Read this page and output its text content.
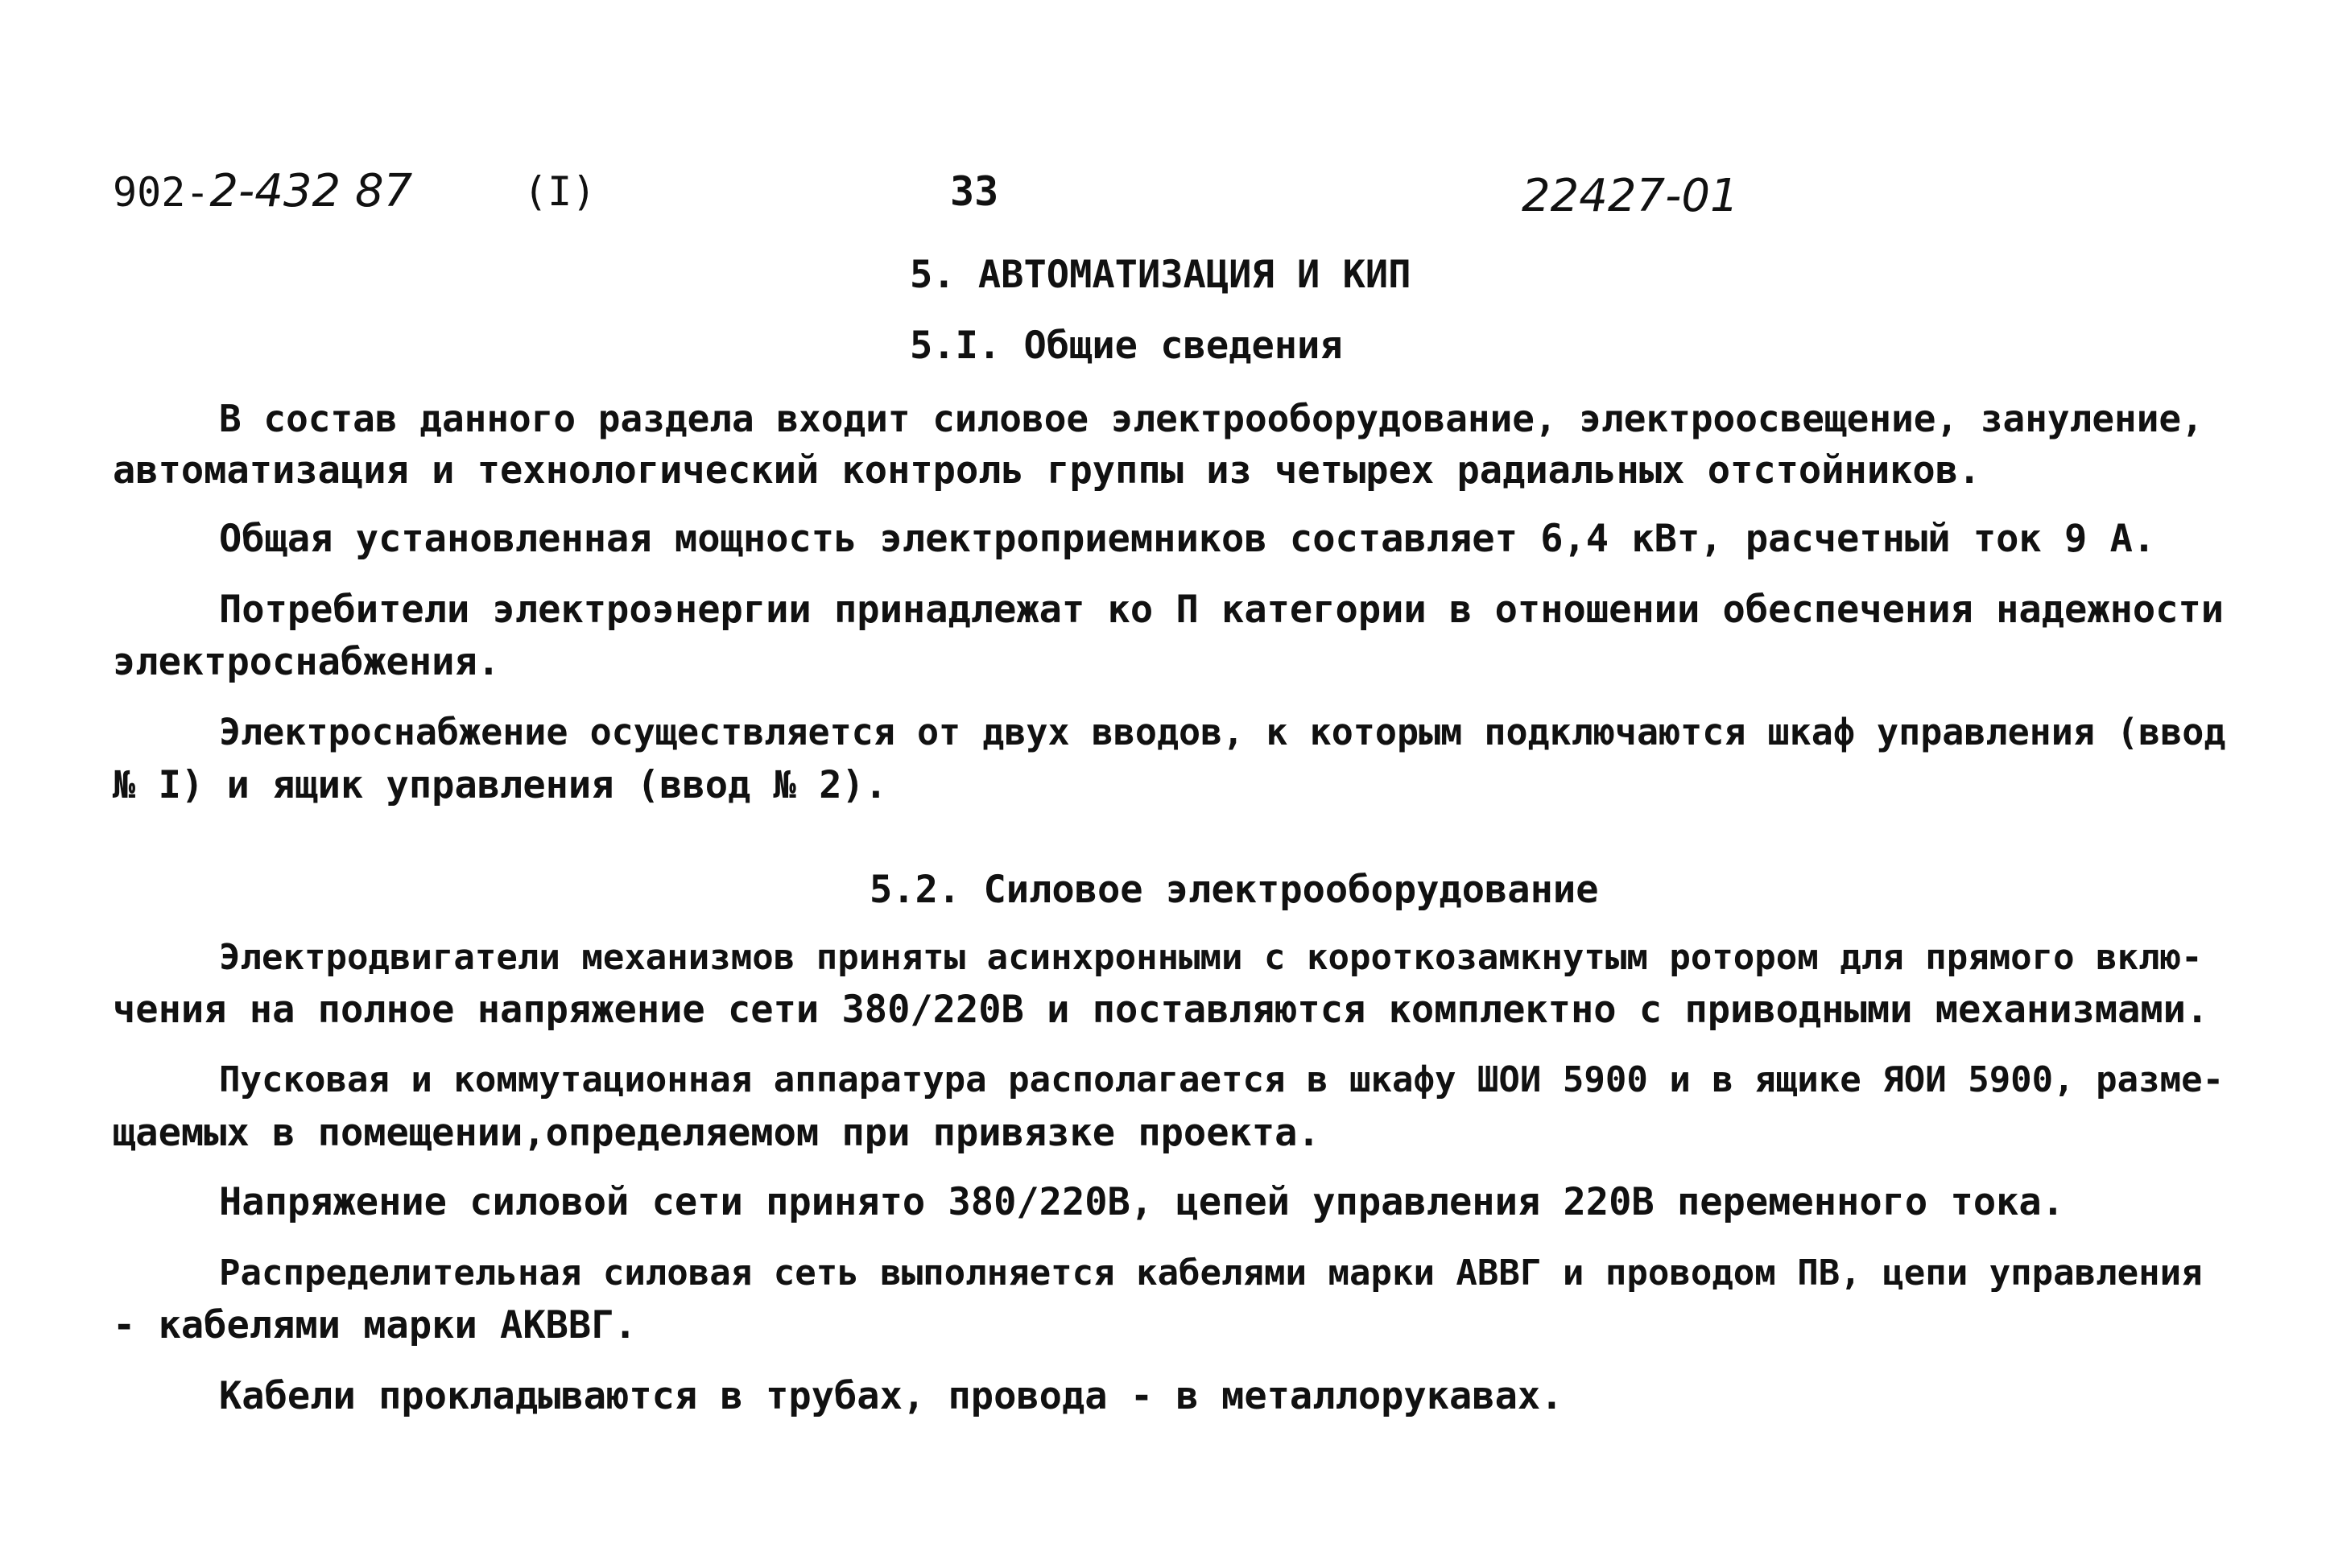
902-2-432 87	(I)	33	22427-01
5. АВТОМАТИЗАЦИЯ И КИП
5.I. Общие сведения
В состав данного раздела входит силовое электрооборудование, электроосвещение, зануление,
автоматизация и технологический контроль группы из четырех радиальных отстойников.
Общая установленная мощность электроприемников составляет 6,4 кВт, расчетный ток 9 А.
Потребители электроэнергии принадлежат ко П категории в отношении обеспечения надежности
электроснабжения.
Электроснабжение осуществляется от двух вводов, к которым подключаются шкаф управления (ввод
№ I) и ящик управления (ввод № 2).
5.2. Силовое электрооборудование
Электродвигатели механизмов приняты асинхронными с короткозамкнутым ротором для прямого вклю-
чения на полное напряжение сети 380/220В и поставляются комплектно с приводными механизмами.
Пусковая и коммутационная аппаратура располагается в шкафу ШОИ 5900 и в ящике ЯОИ 5900, разме-
щаемых в помещении,определяемом при привязке проекта.
Напряжение силовой сети принято 380/220В, цепей управления 220В переменного тока.
Распределительная силовая сеть выполняется кабелями марки АВВГ и проводом ПВ, цепи управления
- кабелями марки АКВВГ.
Кабели прокладываются в трубах, провода - в металлорукавах.
